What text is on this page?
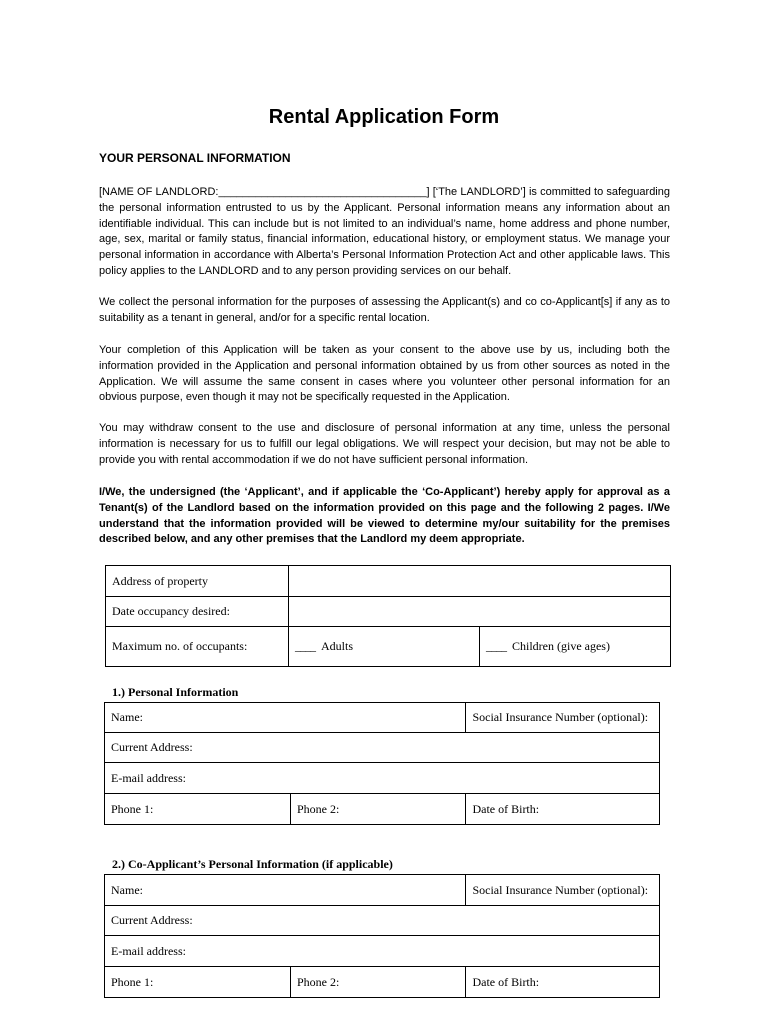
Rental Application Form
YOUR PERSONAL INFORMATION

[NAME OF LANDLORD:__________________________________] [‘The LANDLORD’] is committed to safeguarding the personal information entrusted to us by the Applicant. Personal information means any information about an identifiable individual. This can include but is not limited to an individual’s name, home address and phone number, age, sex, marital or family status, financial information, educational history, or employment status. We manage your personal information in accordance with Alberta’s Personal Information Protection Act and other applicable laws. This policy applies to the LANDLORD and to any person providing services on our behalf.

We collect the personal information for the purposes of assessing the Applicant(s) and co co-Applicant[s] if any as to suitability as a tenant in general, and/or for a specific rental location.

Your completion of this Application will be taken as your consent to the above use by us, including both the information provided in the Application and personal information obtained by us from other sources as noted in the Application. We will assume the same consent in cases where you volunteer other personal information for an obvious purpose, even though it may not be specifically requested in the Application.

You may withdraw consent to the use and disclosure of personal information at any time, unless the personal information is necessary for us to fulfill our legal obligations. We will respect your decision, but may not be able to provide you with rental accommodation if we do not have sufficient personal information.

I/We, the undersigned (the ‘Applicant’, and if applicable the ‘Co-Applicant’) hereby apply for approval as a Tenant(s) of the Landlord based on the information provided on this page and the following 2 pages. I/We understand that the information provided will be viewed to determine my/our suitability for the premises described below, and any other premises that the Landlord my deem appropriate.

Address of property		
Date occupancy desired:		
Maximum no. of occupants:	____ Adults	____ Children (give ages)
1.) Personal Information
Name:		Social Insurance Number (optional):
Current Address:		
E-mail address:		
Phone 1:	Phone 2:	Date of Birth:
2.) Co-Applicant’s Personal Information (if applicable)
Name:		Social Insurance Number (optional):
Current Address:		
E-mail address:		
Phone 1:	Phone 2:	Date of Birth:
